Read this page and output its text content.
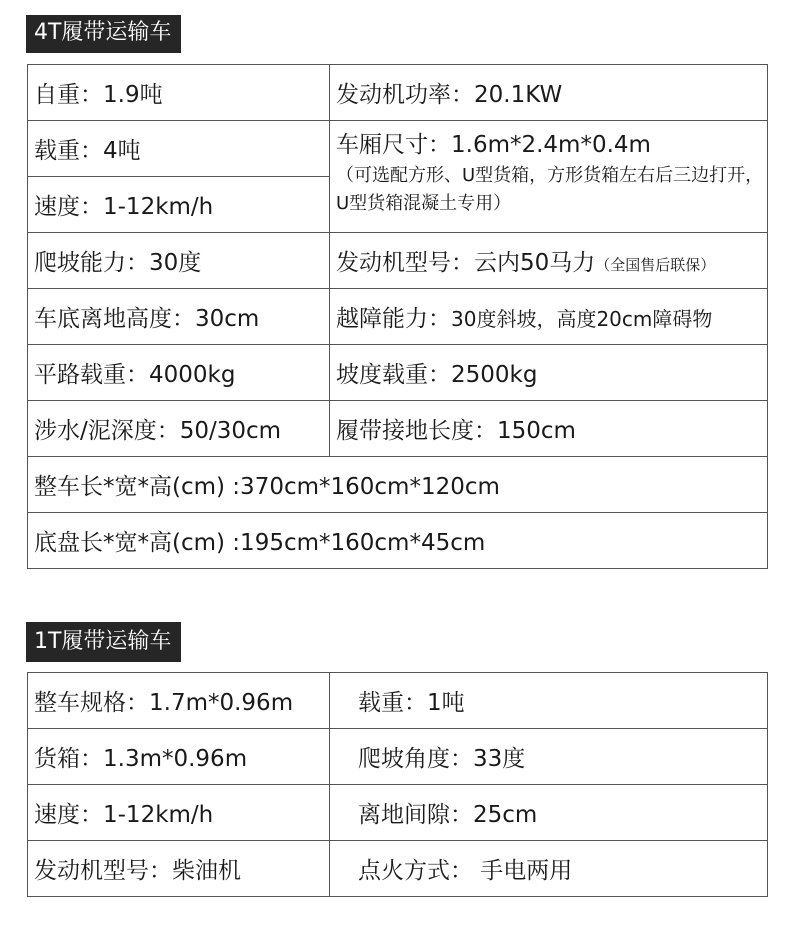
4T履带运输车
自重：1.9吨	发动机功率：20.1KW
载重：4吨	车厢尺寸：1.6m*2.4m*0.4m
（可选配方形、U型货箱，方形货箱左右后三边打开，U型货箱混凝土专用）
速度：1-12km/h	
爬坡能力：30度	发动机型号：云内50马力（全国售后联保）
车底离地高度：30cm	越障能力：30度斜坡，高度20cm障碍物
平路载重：4000kg	坡度载重：2500kg
涉水/泥深度：50/30cm	履带接地长度：150cm
整车长*宽*高(cm) :370cm*160cm*120cm	
底盘长*宽*高(cm) :195cm*160cm*45cm	
1T履带运输车
整车规格：1.7m*0.96m	载重：1吨
货箱：1.3m*0.96m	爬坡角度：33度
速度：1-12km/h	离地间隙：25cm
发动机型号：柴油机	点火方式： 手电两用
